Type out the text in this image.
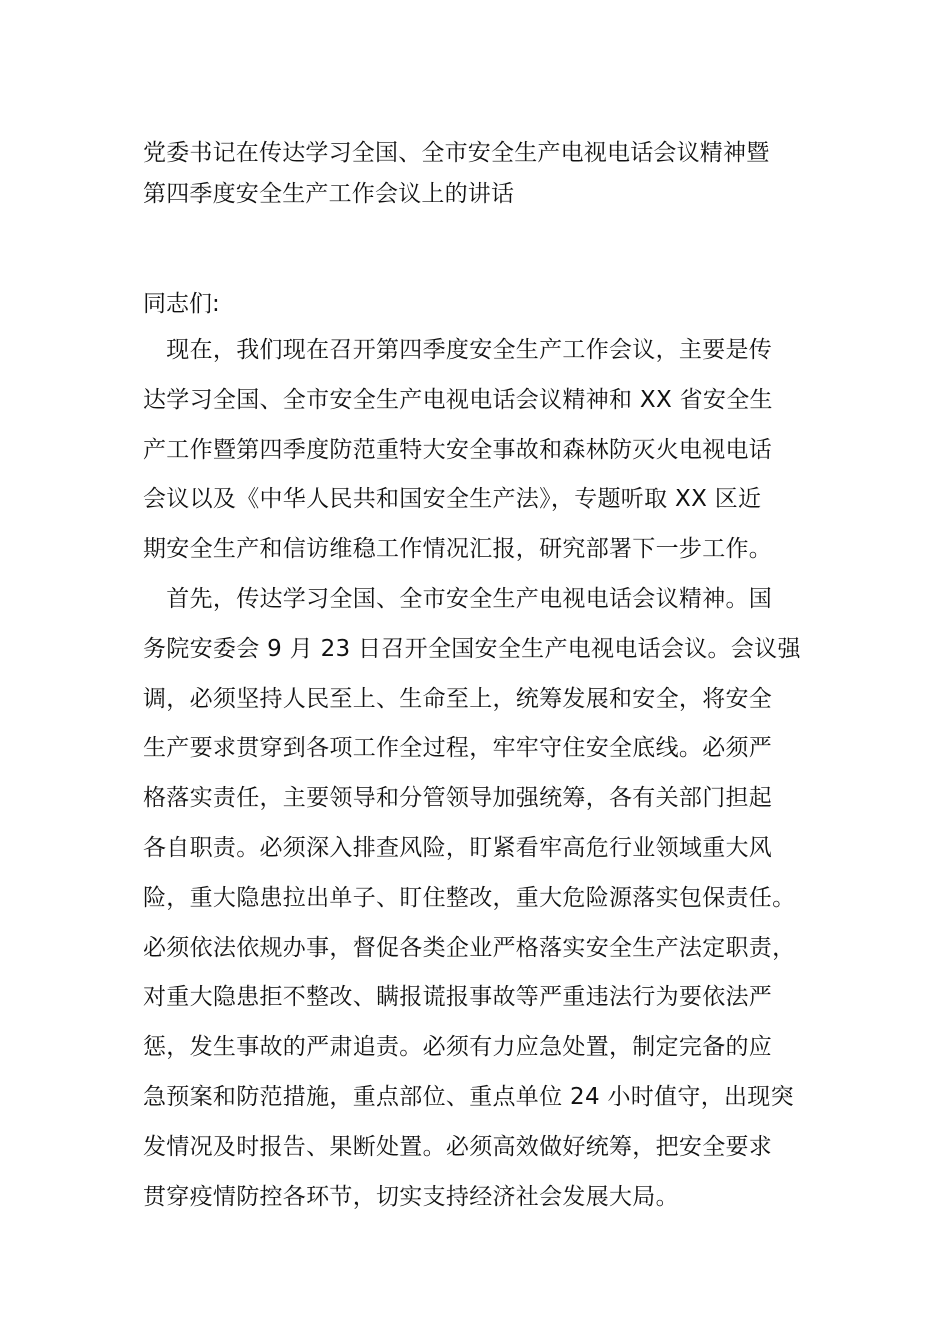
党委书记在传达学习全国、全市安全生产电视电话会议精神暨
第四季度安全生产工作会议上的讲话
同志们:
　现在，我们现在召开第四季度安全生产工作会议，主要是传
达学习全国、全市安全生产电视电话会议精神和 XX 省安全生
产工作暨第四季度防范重特大安全事故和森林防灭火电视电话
会议以及《中华人民共和国安全生产法》，专题听取 XX 区近
期安全生产和信访维稳工作情况汇报，研究部署下一步工作。
　首先，传达学习全国、全市安全生产电视电话会议精神。国
务院安委会 9 月 23 日召开全国安全生产电视电话会议。会议强
调，必须坚持人民至上、生命至上，统筹发展和安全，将安全
生产要求贯穿到各项工作全过程，牢牢守住安全底线。必须严
格落实责任，主要领导和分管领导加强统筹，各有关部门担起
各自职责。必须深入排查风险，盯紧看牢高危行业领域重大风
险，重大隐患拉出单子、盯住整改，重大危险源落实包保责任。
必须依法依规办事，督促各类企业严格落实安全生产法定职责，
对重大隐患拒不整改、瞒报谎报事故等严重违法行为要依法严
惩，发生事故的严肃追责。必须有力应急处置，制定完备的应
急预案和防范措施，重点部位、重点单位 24 小时值守，出现突
发情况及时报告、果断处置。必须高效做好统筹，把安全要求
贯穿疫情防控各环节，切实支持经济社会发展大局。
